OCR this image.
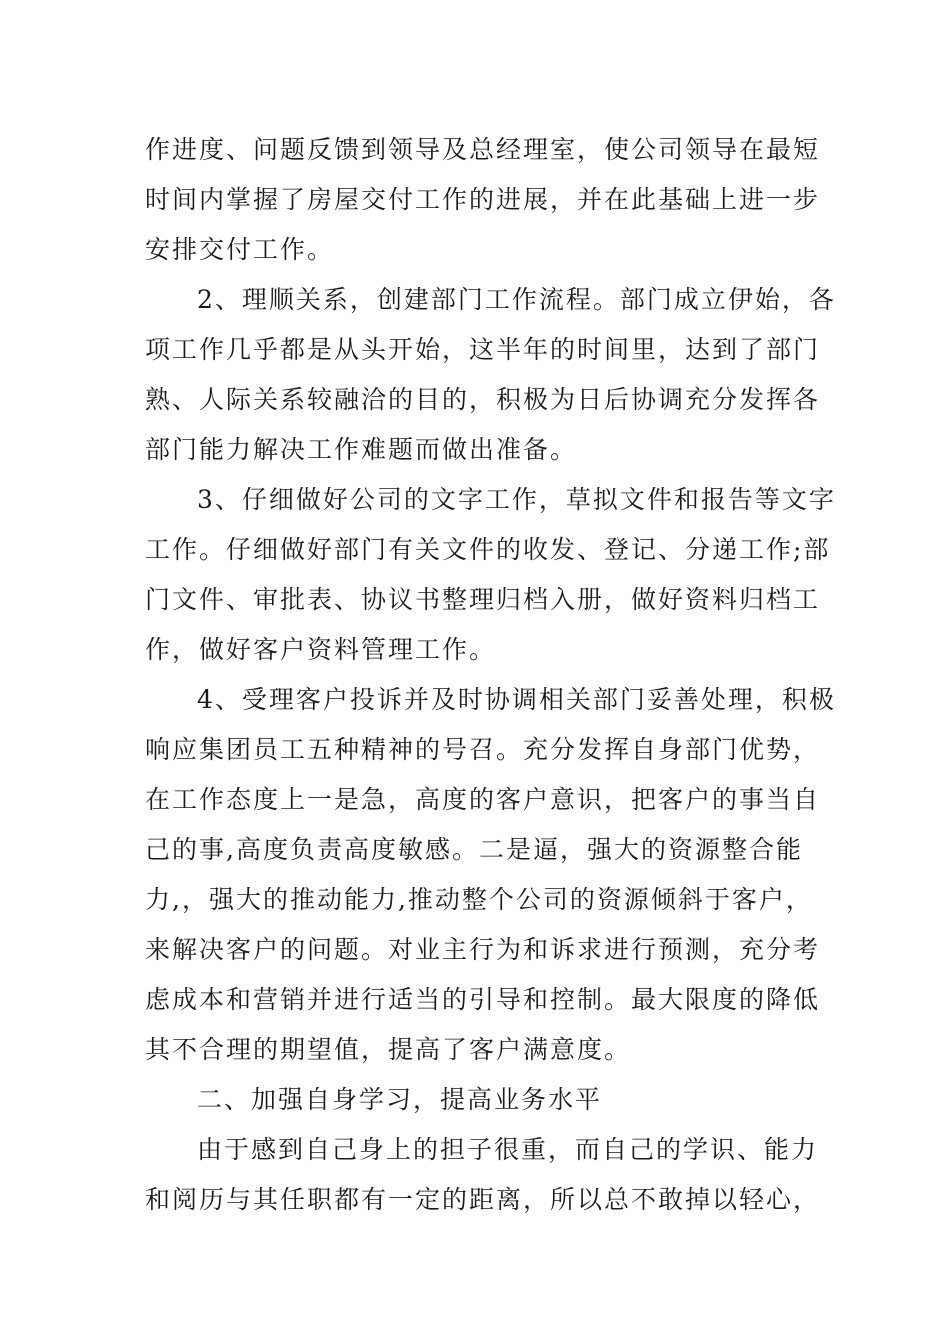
作进度、问题反馈到领导及总经理室，使公司领导在最短
时间内掌握了房屋交付工作的进展，并在此基础上进一步
安排交付工作。
2、理顺关系，创建部门工作流程。部门成立伊始，各
项工作几乎都是从头开始，这半年的时间里，达到了部门
熟、人际关系较融洽的目的，积极为日后协调充分发挥各
部门能力解决工作难题而做出准备。
3、仔细做好公司的文字工作，草拟文件和报告等文字
工作。仔细做好部门有关文件的收发、登记、分递工作;部
门文件、审批表、协议书整理归档入册，做好资料归档工
作，做好客户资料管理工作。
4、受理客户投诉并及时协调相关部门妥善处理，积极
响应集团员工五种精神的号召。充分发挥自身部门优势，
在工作态度上一是急，高度的客户意识，把客户的事当自
己的事,高度负责高度敏感。二是逼，强大的资源整合能
力,，强大的推动能力,推动整个公司的资源倾斜于客户，
来解决客户的问题。对业主行为和诉求进行预测，充分考
虑成本和营销并进行适当的引导和控制。最大限度的降低
其不合理的期望值，提高了客户满意度。
二、加强自身学习，提高业务水平
由于感到自己身上的担子很重，而自己的学识、能力
和阅历与其任职都有一定的距离，所以总不敢掉以轻心，
